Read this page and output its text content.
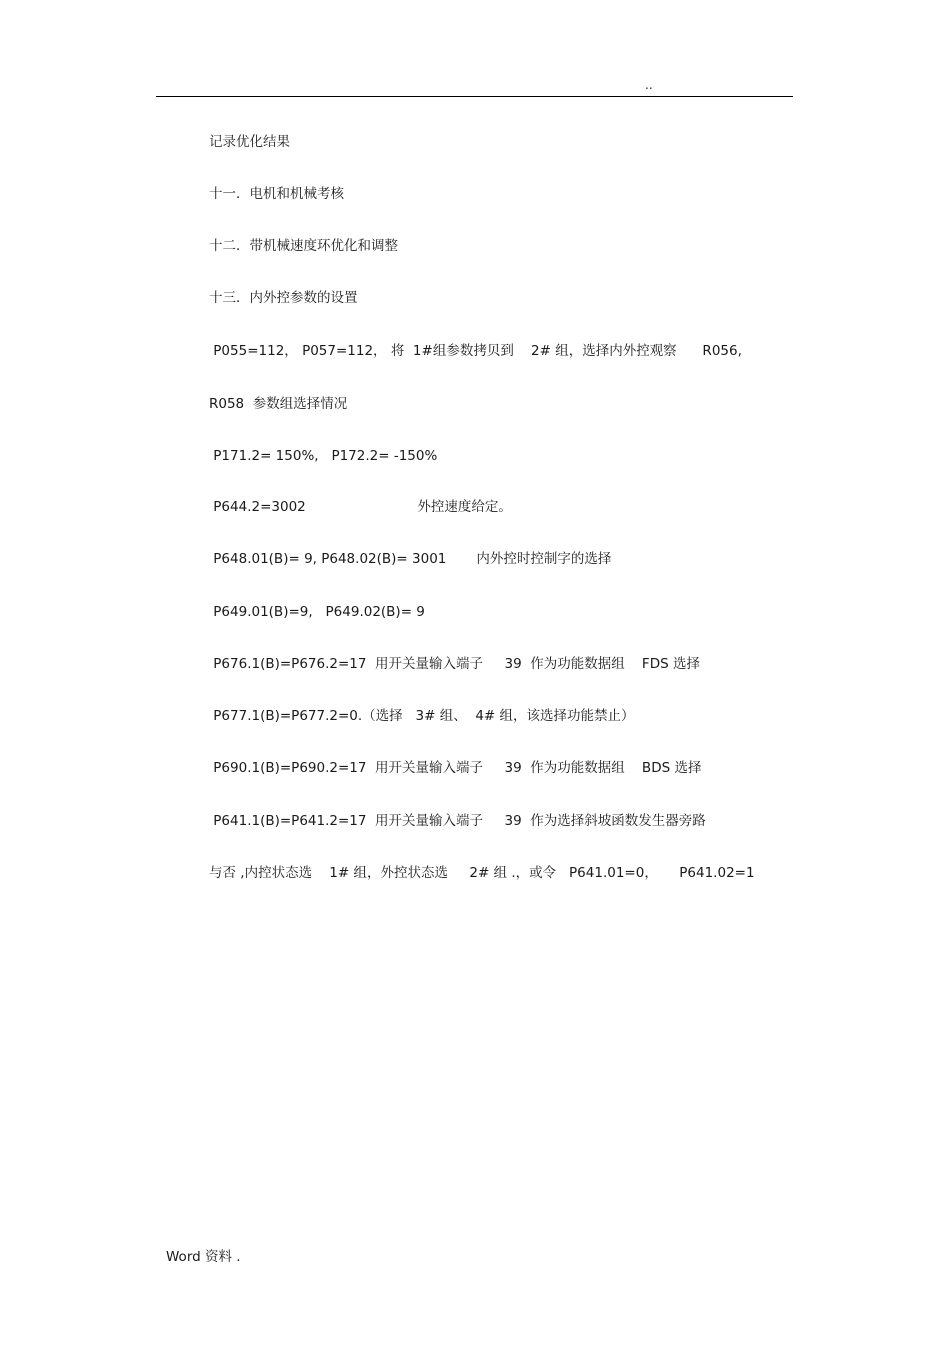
..
记录优化结果
十一．电机和机械考核
十二．带机械速度环优化和调整
十三．内外控参数的设置
P055=112， P057=112， 将  1#组参数拷贝到    2# 组，选择内外控观察      R056,
R058  参数组选择情况
P171.2= 150%,   P172.2= -150%
P644.2=3002                          外控速度给定。
P648.01(B)= 9, P648.02(B)= 3001       内外控时控制字的选择
P649.01(B)=9,   P649.02(B)= 9
P676.1(B)=P676.2=17  用开关量输入端子     39  作为功能数据组    FDS 选择
P677.1(B)=P677.2=0.（选择   3# 组、  4# 组，该选择功能禁止）
P690.1(B)=P690.2=17  用开关量输入端子     39  作为功能数据组    BDS 选择
P641.1(B)=P641.2=17  用开关量输入端子     39  作为选择斜坡函数发生器旁路
与否 ,内控状态选    1# 组，外控状态选     2# 组 .，或令   P641.01=0，     P641.02=1
Word 资料 .
